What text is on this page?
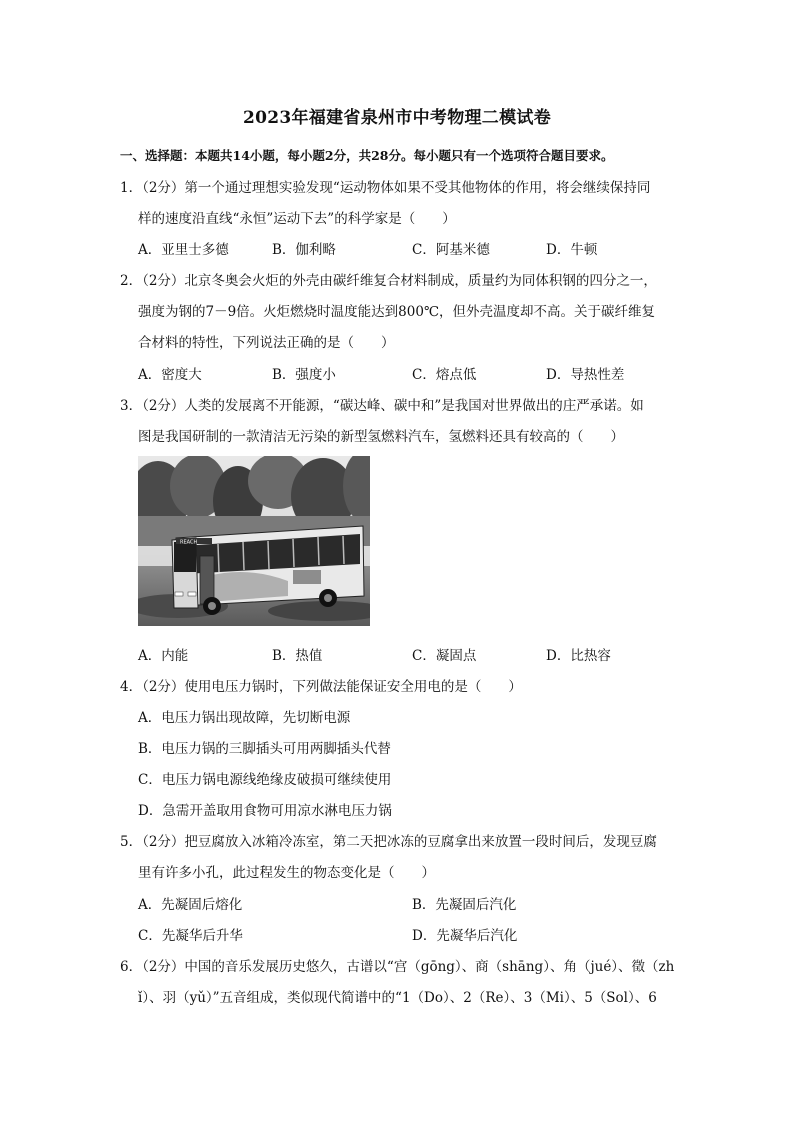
2023年福建省泉州市中考物理二模试卷
一、选择题：本题共14小题，每小题2分，共28分。每小题只有一个选项符合题目要求。
1．（2分）第一个通过理想实验发现“运动物体如果不受其他物体的作用，将会继续保持同
样的速度沿直线“永恒”运动下去”的科学家是（　　）
A．亚里士多德	B．伽利略	C．阿基米德	D．牛顿
2．（2分）北京冬奥会火炬的外壳由碳纤维复合材料制成，质量约为同体积钢的四分之一，
强度为钢的7－9倍。火炬燃烧时温度能达到800℃，但外壳温度却不高。关于碳纤维复
合材料的特性，下列说法正确的是（　　）
A．密度大	B．强度小	C．熔点低	D．导热性差
3．（2分）人类的发展离不开能源，“碳达峰、碳中和”是我国对世界做出的庄严承诺。如
图是我国研制的一款清洁无污染的新型氢燃料汽车，氢燃料还具有较高的（　　）
REACH
A．内能	B．热值	C．凝固点	D．比热容
4．（2分）使用电压力锅时，下列做法能保证安全用电的是（　　）
A．电压力锅出现故障，先切断电源
B．电压力锅的三脚插头可用两脚插头代替
C．电压力锅电源线绝缘皮破损可继续使用
D．急需开盖取用食物可用凉水淋电压力锅
5．（2分）把豆腐放入冰箱冷冻室，第二天把冰冻的豆腐拿出来放置一段时间后，发现豆腐
里有许多小孔，此过程发生的物态变化是（　　）
A．先凝固后熔化	B．先凝固后汽化
C．先凝华后升华	D．先凝华后汽化
6．（2分）中国的音乐发展历史悠久，古谱以“宫（gōng）、商（shāng）、角（jué）、徵（zh
ǐ）、羽（yǔ）”五音组成，类似现代简谱中的“1（Do）、2（Re）、3（Mi）、5（Sol）、6
